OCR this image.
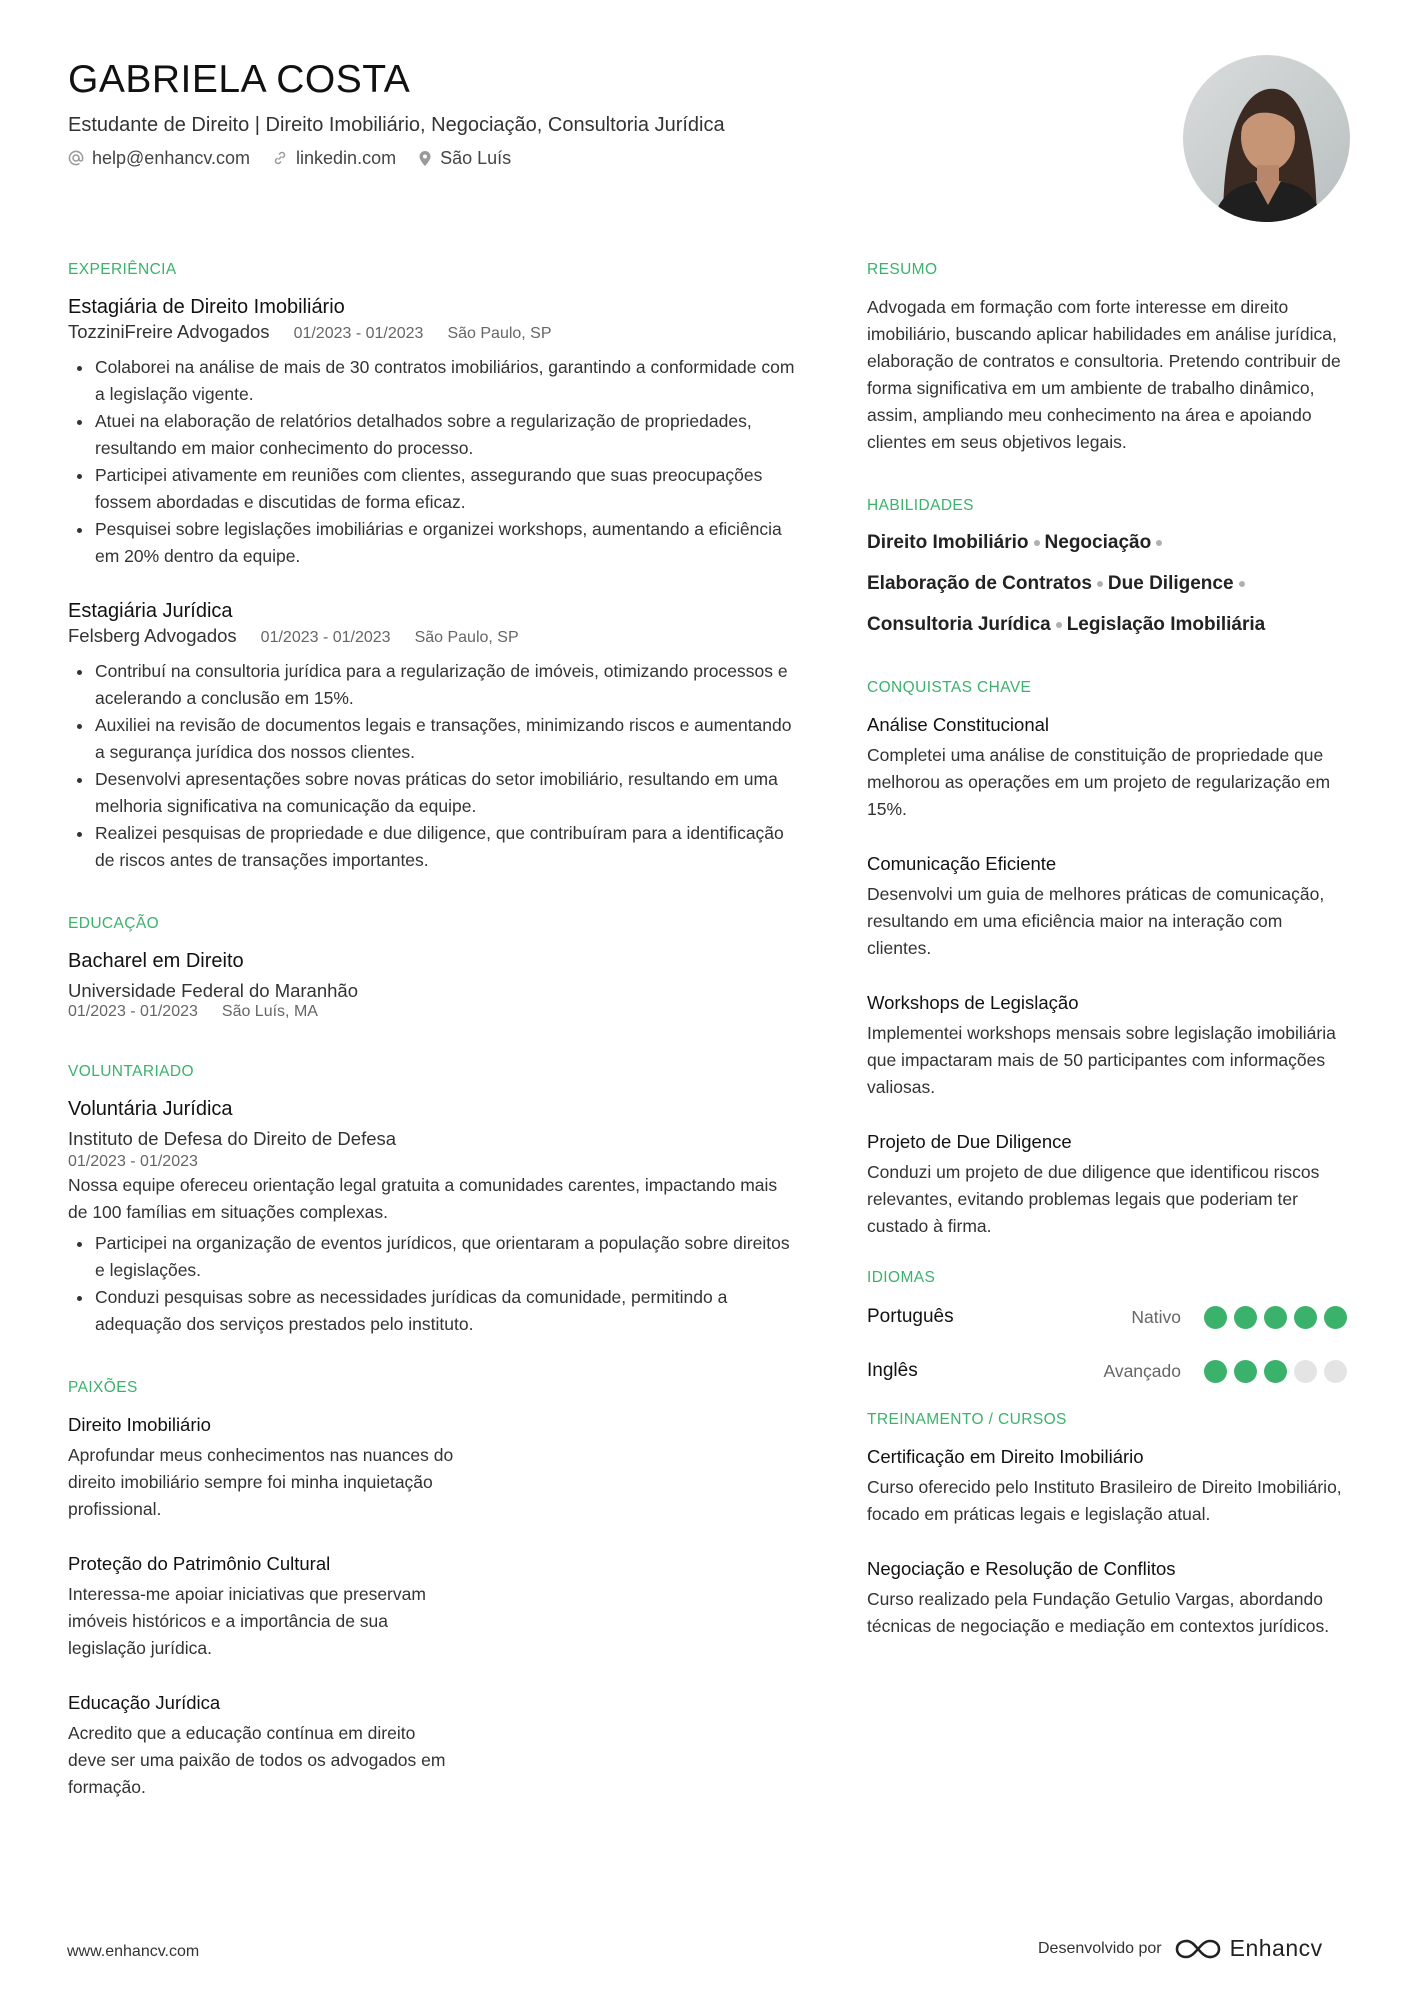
GABRIELA COSTA
Estudante de Direito | Direito Imobiliário, Negociação, Consultoria Jurídica
help@enhancv.com	linkedin.com São Luís
EXPERIÊNCIA
Estagiária de Direito Imobiliário
TozziniFreire Advogados 01/2023 - 01/2023 São Paulo, SP
Colaborei na análise de mais de 30 contratos imobiliários, garantindo a conformidade com a legislação vigente.
Atuei na elaboração de relatórios detalhados sobre a regularização de propriedades, resultando em maior conhecimento do processo.
Participei ativamente em reuniões com clientes, assegurando que suas preocupações fossem abordadas e discutidas de forma eficaz.
Pesquisei sobre legislações imobiliárias e organizei workshops, aumentando a eficiência em 20% dentro da equipe.
Estagiária Jurídica
Felsberg Advogados 01/2023 - 01/2023 São Paulo, SP
Contribuí na consultoria jurídica para a regularização de imóveis, otimizando processos e acelerando a conclusão em 15%.
Auxiliei na revisão de documentos legais e transações, minimizando riscos e aumentando a segurança jurídica dos nossos clientes.
Desenvolvi apresentações sobre novas práticas do setor imobiliário, resultando em uma melhoria significativa na comunicação da equipe.
Realizei pesquisas de propriedade e due diligence, que contribuíram para a identificação de riscos antes de transações importantes.
EDUCAÇÃO
Bacharel em Direito
Universidade Federal do Maranhão
01/2023 - 01/2023 São Luís, MA
VOLUNTARIADO
Voluntária Jurídica
Instituto de Defesa do Direito de Defesa
01/2023 - 01/2023
Nossa equipe ofereceu orientação legal gratuita a comunidades carentes, impactando mais de 100 famílias em situações complexas.
Participei na organização de eventos jurídicos, que orientaram a população sobre direitos e legislações.
Conduzi pesquisas sobre as necessidades jurídicas da comunidade, permitindo a adequação dos serviços prestados pelo instituto.
PAIXÕES
Direito Imobiliário
Aprofundar meus conhecimentos nas nuances do direito imobiliário sempre foi minha inquietação profissional.
Proteção do Patrimônio Cultural
Interessa-me apoiar iniciativas que preservam imóveis históricos e a importância de sua legislação jurídica.
Educação Jurídica
Acredito que a educação contínua em direito deve ser uma paixão de todos os advogados em formação.
RESUMO
Advogada em formação com forte interesse em direito imobiliário, buscando aplicar habilidades em análise jurídica, elaboração de contratos e consultoria. Pretendo contribuir de forma significativa em um ambiente de trabalho dinâmico, assim, ampliando meu conhecimento na área e apoiando clientes em seus objetivos legais.
HABILIDADES
Direito Imobiliário Negociação
Elaboração de Contratos Due Diligence
Consultoria Jurídica Legislação Imobiliária
CONQUISTAS CHAVE
Análise Constitucional
Completei uma análise de constituição de propriedade que melhorou as operações em um projeto de regularização em 15%.
Comunicação Eficiente
Desenvolvi um guia de melhores práticas de comunicação, resultando em uma eficiência maior na interação com clientes.
Workshops de Legislação
Implementei workshops mensais sobre legislação imobiliária que impactaram mais de 50 participantes com informações valiosas.
Projeto de Due Diligence
Conduzi um projeto de due diligence que identificou riscos relevantes, evitando problemas legais que poderiam ter custado à firma.
IDIOMAS
Português	Nativo
Inglês	Avançado
TREINAMENTO / CURSOS
Certificação em Direito Imobiliário
Curso oferecido pelo Instituto Brasileiro de Direito Imobiliário, focado em práticas legais e legislação atual.
Negociação e Resolução de Conflitos
Curso realizado pela Fundação Getulio Vargas, abordando técnicas de negociação e mediação em contextos jurídicos.
www.enhancv.com	Desenvolvido por	Enhancv
